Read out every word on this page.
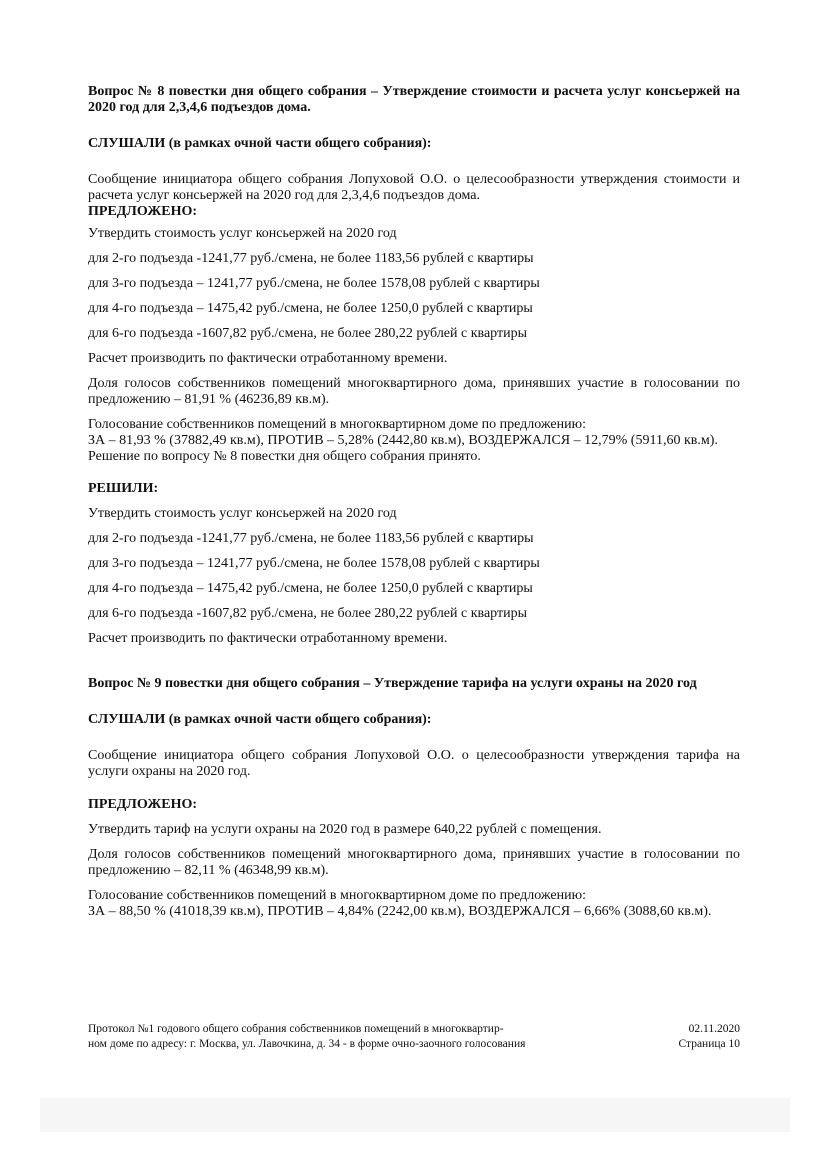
Вопрос № 8 повестки дня общего собрания – Утверждение стоимости и расчета услуг консьержей на 2020 год для 2,3,4,6 подъездов дома.
СЛУШАЛИ (в рамках очной части общего собрания):
Сообщение инициатора общего собрания Лопуховой О.О. о целесообразности утверждения стоимости и расчета услуг консьержей на 2020 год для 2,3,4,6 подъездов дома.
ПРЕДЛОЖЕНО:
Утвердить стоимость услуг консьержей на 2020 год
для 2-го подъезда -1241,77 руб./смена, не более 1183,56 рублей с квартиры
для 3-го подъезда – 1241,77 руб./смена, не более 1578,08 рублей с квартиры
для 4-го подъезда – 1475,42 руб./смена, не более 1250,0 рублей с квартиры
для 6-го подъезда -1607,82 руб./смена, не более 280,22 рублей с квартиры
Расчет производить по фактически отработанному времени.
Доля голосов собственников помещений многоквартирного дома, принявших участие в голосовании по предложению – 81,91 % (46236,89 кв.м).
Голосование собственников помещений в многоквартирном доме по предложению:
ЗА – 81,93 % (37882,49 кв.м), ПРОТИВ – 5,28% (2442,80 кв.м), ВОЗДЕРЖАЛСЯ – 12,79% (5911,60 кв.м).
Решение по вопросу № 8 повестки дня общего собрания принято.
РЕШИЛИ:
Утвердить стоимость услуг консьержей на 2020 год
для 2-го подъезда -1241,77 руб./смена, не более 1183,56 рублей с квартиры
для 3-го подъезда – 1241,77 руб./смена, не более 1578,08 рублей с квартиры
для 4-го подъезда – 1475,42 руб./смена, не более 1250,0 рублей с квартиры
для 6-го подъезда -1607,82 руб./смена, не более 280,22 рублей с квартиры
Расчет производить по фактически отработанному времени.
Вопрос № 9 повестки дня общего собрания – Утверждение тарифа на услуги охраны на 2020 год
СЛУШАЛИ (в рамках очной части общего собрания):
Сообщение инициатора общего собрания Лопуховой О.О. о целесообразности утверждения тарифа на услуги охраны на 2020 год.
ПРЕДЛОЖЕНО:
Утвердить тариф на услуги охраны на 2020 год в размере 640,22 рублей с помещения.
Доля голосов собственников помещений многоквартирного дома, принявших участие в голосовании по предложению – 82,11 % (46348,99 кв.м).
Голосование собственников помещений в многоквартирном доме по предложению:
ЗА – 88,50 % (41018,39 кв.м), ПРОТИВ – 4,84% (2242,00 кв.м), ВОЗДЕРЖАЛСЯ – 6,66% (3088,60 кв.м).
Протокол №1 годового общего собрания собственников помещений в многоквартир-
ном доме по адресу: г. Москва, ул. Лавочкина, д. 34 - в форме очно-заочного голосования
02.11.2020
Страница 10
